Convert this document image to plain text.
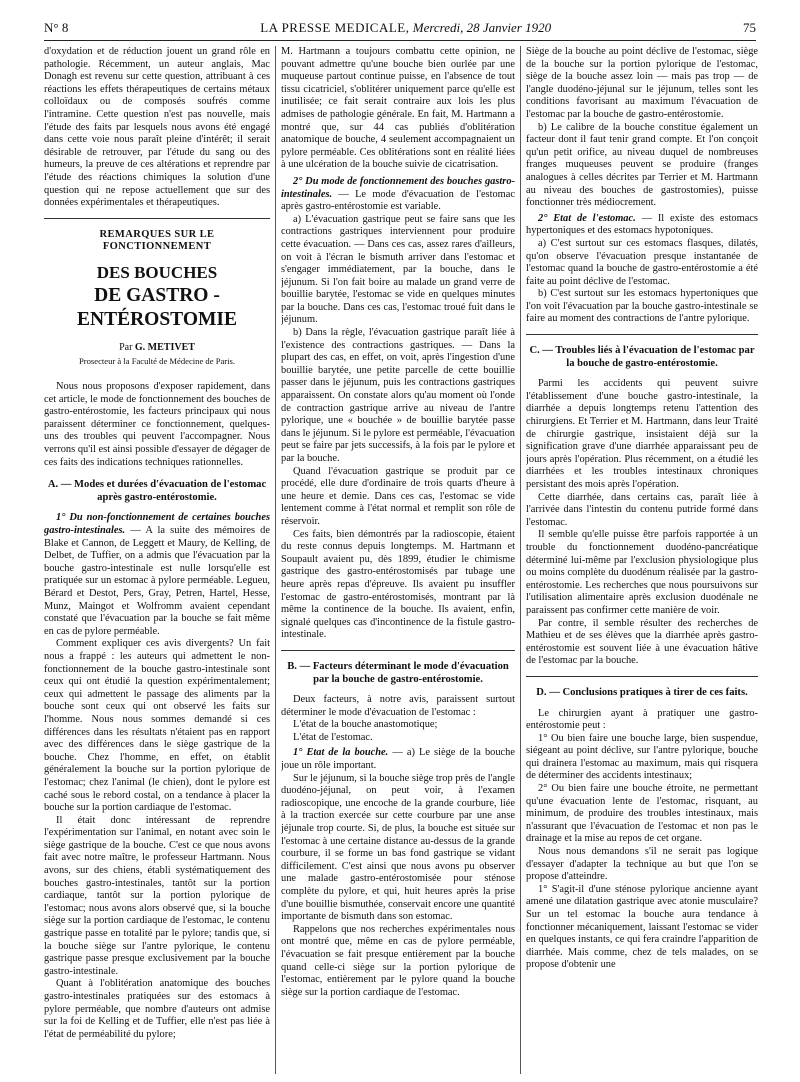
N° 8	LA PRESSE MEDICALE, Mercredi, 28 Janvier 1920	75

d'oxydation et de réduction jouent un grand rôle en pathologie. Récemment, un auteur anglais, Mac Donagh est revenu sur cette question, attribuant à ces réactions les effets thérapeutiques de certains métaux colloïdaux ou de composés soufrés comme l'intramine. Cette question n'est pas nouvelle, mais l'étude des faits par lesquels nous avons été engagé dans cette voie nous paraît pleine d'intérêt; il serait désirable de retrouver, par l'étude du sang ou des humeurs, la preuve de ces altérations et reprendre par l'étude des réactions chimiques la solution d'une question qui ne repose actuellement que sur des données expérimentales et thérapeutiques.

REMARQUES SUR LE FONCTIONNEMENT
DES BOUCHES
DE GASTRO - ENTÉROSTOMIE
Par G. METIVET
Prosecteur à la Faculté de Médecine de Paris.

Nous nous proposons d'exposer rapidement, dans cet article, le mode de fonctionnement des bouches de gastro-entérostomie, les facteurs principaux qui nous paraissent déterminer ce fonctionnement, quelques-uns des troubles qui peuvent l'accompagner. Nous verrons qu'il est ainsi possible d'essayer de dégager de ces faits des indications techniques rationnelles.

A. — Modes et durées d'évacuation de l'estomac après gastro-entérostomie.

1° Du non-fonctionnement de certaines bouches gastro-intestinales. — A la suite des mémoires de Blake et Cannon, de Leggett et Maury, de Kelling, de Delbet, de Tuffier, on a admis que l'évacuation par la bouche gastro-intestinale est nulle lorsqu'elle est pratiquée sur un estomac à pylore perméable. Legueu, Bérard et Destot, Pers, Gray, Petren, Hartel, Hesse, Munz, Maingot et Wolfromm avaient cependant constaté que l'évacuation par la bouche se fait même en cas de pylore perméable.

Comment expliquer ces avis divergents? Un fait nous a frappé : les auteurs qui admettent le non-fonctionnement de la bouche gastro-intestinale sont ceux qui ont étudié la question expérimentalement; ceux qui admettent le passage des aliments par la bouche sont ceux qui ont observé les faits sur l'homme. Nous nous sommes demandé si ces différences dans les résultats n'étaient pas en rapport avec des différences dans le siège gastrique de la bouche. Chez l'homme, en effet, on établit généralement la bouche sur la portion pylorique de l'estomac; chez l'animal (le chien), dont le pylore est caché sous le rebord costal, on a tendance à placer la bouche sur la portion cardiaque de l'estomac.

Il était donc intéressant de reprendre l'expérimentation sur l'animal, en notant avec soin le siège gastrique de la bouche. C'est ce que nous avons fait avec notre maître, le professeur Hartmann. Nous avons, sur des chiens, établi systématiquement des bouches gastro-intestinales, tantôt sur la portion cardiaque, tantôt sur la portion pylorique de l'estomac; nous avons alors observé que, si la bouche siège sur la portion cardiaque de l'estomac, le contenu gastrique passe en totalité par le pylore; tandis que, si la bouche siège sur l'antre pylorique, le contenu gastrique passe presque exclusivement par la bouche gastro-intestinale.

Quant à l'oblitération anatomique des bouches gastro-intestinales pratiquées sur des estomacs à pylore perméable, que nombre d'auteurs ont admise sur la foi de Kelling et de Tuffier, elle n'est pas liée à l'état de perméabilité du pylore;

M. Hartmann a toujours combattu cette opinion, ne pouvant admettre qu'une bouche bien ourlée par une muqueuse partout continue puisse, en l'absence de tout tissu cicatriciel, s'oblitérer uniquement parce qu'elle est inutilisée; ce fait serait contraire aux lois les plus admises de pathologie générale. En fait, M. Hartmann a montré que, sur 44 cas publiés d'oblitération anatomique de bouche, 4 seulement accompagnaient un pylore perméable. Ces oblitérations sont en réalité liées à une ulcération de la bouche suivie de cicatrisation.

2° Du mode de fonctionnement des bouches gastro-intestinales. — Le mode d'évacuation de l'estomac après gastro-entérostomie est variable.

a) L'évacuation gastrique peut se faire sans que les contractions gastriques interviennent pour produire cette évacuation. — Dans ces cas, assez rares d'ailleurs, on voit à l'écran le bismuth arriver dans l'estomac et s'engager immédiatement, par la bouche, dans le jéjunum. Si l'on fait boire au malade un grand verre de bouillie barytée, l'estomac se vide en quelques minutes par la bouche. Dans ces cas, l'estomac troué fuit dans le jéjunum.

b) Dans la règle, l'évacuation gastrique paraît liée à l'existence des contractions gastriques. — Dans la plupart des cas, en effet, on voit, après l'ingestion d'une bouillie barytée, une petite parcelle de cette bouillie passer dans le jéjunum, puis les contractions gastriques apparaissent. On constate alors qu'au moment où l'onde de contraction gastrique arrive au niveau de l'antre pylorique, une « bouchée » de bouillie barytée passe dans le jéjunum. Si le pylore est perméable, l'évacuation peut se faire par jets successifs, à la fois par le pylore et par la bouche.

Quand l'évacuation gastrique se produit par ce procédé, elle dure d'ordinaire de trois quarts d'heure à une heure et demie. Dans ces cas, l'estomac se vide lentement comme à l'état normal et remplit son rôle de réservoir.

Ces faits, bien démontrés par la radioscopie, étaient du reste connus depuis longtemps. M. Hartmann et Soupault avaient pu, dès 1899, étudier le chimisme gastrique des gastro-entérostomisés par tubage une heure après repas d'épreuve. Ils avaient pu insuffler l'estomac de gastro-entérostomisés, montrant par là même la continence de la bouche. Ils avaient, enfin, signalé quelques cas d'incontinence de la fistule gastro-intestinale.

B. — Facteurs déterminant le mode d'évacuation par la bouche de gastro-entérostomie.

Deux facteurs, à notre avis, paraissent surtout déterminer le mode d'évacuation de l'estomac :

L'état de la bouche anastomotique;

L'état de l'estomac.

1° Etat de la bouche. — a) Le siège de la bouche joue un rôle important.

Sur le jéjunum, si la bouche siège trop près de l'angle duodéno-jéjunal, on peut voir, à l'examen radioscopique, une encoche de la grande courbure, liée à la traction exercée sur cette courbure par une anse jéjunale trop courte. Si, de plus, la bouche est située sur l'estomac à une certaine distance au-dessus de la grande courbure, il se forme un bas fond gastrique se vidant difficilement. C'est ainsi que nous avons pu observer une malade gastro-entérostomisée pour sténose complète du pylore, et qui, huit heures après la prise d'une bouillie bismuthée, conservait encore une quantité importante de bismuth dans son estomac.

Rappelons que nos recherches expérimentales nous ont montré que, même en cas de pylore perméable, l'évacuation se fait presque entièrement par la bouche quand celle-ci siège sur la portion pylorique de l'estomac, entièrement par le pylore quand la bouche siège sur la portion cardiaque de l'estomac.

Siège de la bouche au point déclive de l'estomac, siège de la bouche sur la portion pylorique de l'estomac, siège de la bouche assez loin — mais pas trop — de l'angle duodéno-jéjunal sur le jéjunum, telles sont les conditions favorisant au maximum l'évacuation de l'estomac par la bouche de gastro-entérostomie.

b) Le calibre de la bouche constitue également un facteur dont il faut tenir grand compte. Et l'on conçoit qu'un petit orifice, au niveau duquel de nombreuses franges muqueuses peuvent se produire (franges analogues à celles décrites par Terrier et M. Hartmann au niveau des bouches de gastrostomies), puisse fonctionner très médiocrement.

2° Etat de l'estomac. — Il existe des estomacs hypertoniques et des estomacs hypotoniques.

a) C'est surtout sur ces estomacs flasques, dilatés, qu'on observe l'évacuation presque instantanée de l'estomac quand la bouche de gastro-entérostomie a été faite au point déclive de l'estomac.

b) C'est surtout sur les estomacs hypertoniques que l'on voit l'évacuation par la bouche gastro-intestinale se faire au moment des contractions de l'antre pylorique.

C. — Troubles liés à l'évacuation de l'estomac par la bouche de gastro-entérostomie.

Parmi les accidents qui peuvent suivre l'établissement d'une bouche gastro-intestinale, la diarrhée a depuis longtemps retenu l'attention des chirurgiens. Et Terrier et M. Hartmann, dans leur Traité de chirurgie gastrique, insistaient déjà sur la signification grave d'une diarrhée apparaissant peu de jours après l'opération. Plus récemment, on a étudié les diarrhées et les troubles intestinaux chroniques persistant des mois après l'opération.

Cette diarrhée, dans certains cas, paraît liée à l'arrivée dans l'intestin du contenu putride formé dans l'estomac.

Il semble qu'elle puisse être parfois rapportée à un trouble du fonctionnement duodéno-pancréatique déterminé lui-même par l'exclusion physiologique plus ou moins complète du duodénum réalisée par la gastro-entérostomie. Les recherches que nous poursuivons sur l'utilisation alimentaire après exclusion duodénale ne paraissent pas confirmer cette manière de voir.

Par contre, il semble résulter des recherches de Mathieu et de ses élèves que la diarrhée après gastro-entérostomie est souvent liée à une évacuation hâtive de l'estomac par la bouche.

D. — Conclusions pratiques à tirer de ces faits.

Le chirurgien ayant à pratiquer une gastro-entérostomie peut :

1° Ou bien faire une bouche large, bien suspendue, siégeant au point déclive, sur l'antre pylorique, bouche qui drainera l'estomac au maximum, mais qui risquera de déterminer des accidents intestinaux;

2° Ou bien faire une bouche étroite, ne permettant qu'une évacuation lente de l'estomac, risquant, au minimum, de produire des troubles intestinaux, mais n'assurant que l'évacuation de l'estomac et non pas le drainage et la mise au repos de cet organe.

Nous nous demandons s'il ne serait pas logique d'essayer d'adapter la technique au but que l'on se propose d'atteindre.

1° S'agit-il d'une sténose pylorique ancienne ayant amené une dilatation gastrique avec atonie musculaire? Sur un tel estomac la bouche aura tendance à fonctionner mécaniquement, laissant l'estomac se vider en quelques instants, ce qui fera craindre l'apparition de diarrhée. Mais comme, chez de tels malades, on se propose d'obtenir une
